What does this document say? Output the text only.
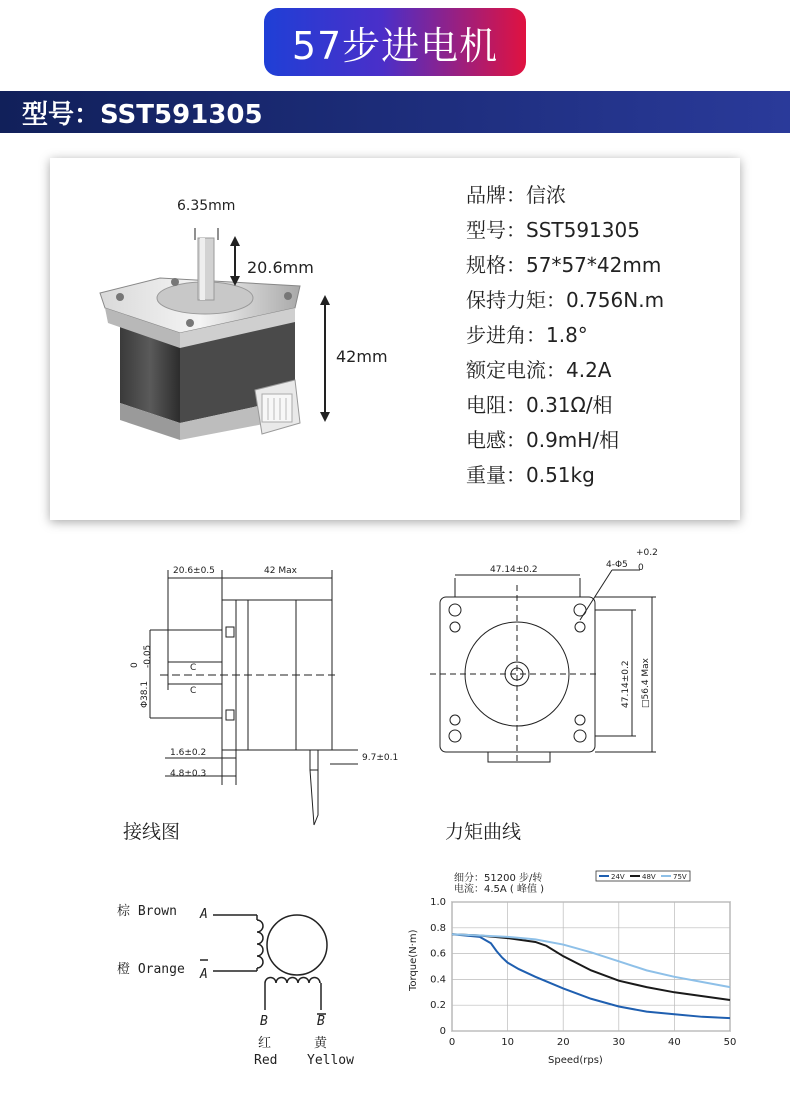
57步进电机
型号：SST591305
6.35mm
20.6mm
42mm
品牌：信浓
型号：SST591305
规格：57*57*42mm
保持力矩：0.756N.m
步进角：1.8°
额定电流：4.2A
电阻：0.31Ω/相
电感：0.9mH/相
重量：0.51kg
20.6±0.5	42 Max
1.6±0.2
4.8±0.3
9.7±0.1
C
C
Φ38.1
0 -0.05
47.14±0.2
47.14±0.2 □56.4 Max
4-Φ5
+0.2
0
接线图	力矩曲线
棕 Brown
橙 Orange
A
A
B	B
红
Red
黄
Yellow
细分：51200 步/转
电流：4.5A ( 峰值 )
24V 48V 75V
0	10	20	30	40	50
0
0.2
0.4
0.6
0.8
1.0
Speed(rps)
Torque(N·m)
